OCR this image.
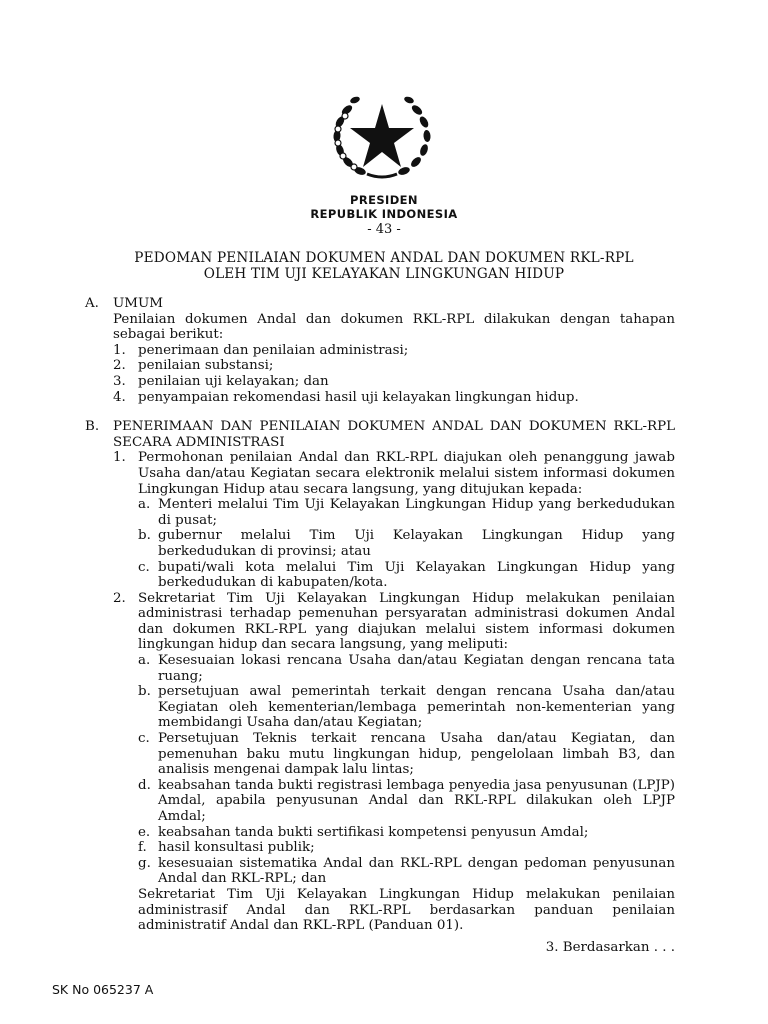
PRESIDEN
REPUBLIK INDONESIA
- 43 -
PEDOMAN PENILAIAN DOKUMEN ANDAL DAN DOKUMEN RKL-RPL
OLEH TIM UJI KELAYAKAN LINGKUNGAN HIDUP
A.	UMUM
Penilaian dokumen Andal dan dokumen RKL-RPL dilakukan dengan tahapan sebagai berikut:
1. penerimaan dan penilaian administrasi;
2. penilaian substansi;
3. penilaian uji kelayakan; dan
4. penyampaian rekomendasi hasil uji kelayakan lingkungan hidup.
B.	PENERIMAAN DAN PENILAIAN DOKUMEN ANDAL DAN DOKUMEN RKL-RPL SECARA ADMINISTRASI
1. Permohonan penilaian Andal dan RKL-RPL diajukan oleh penanggung jawab Usaha dan/atau Kegiatan secara elektronik melalui sistem informasi dokumen Lingkungan Hidup atau secara langsung, yang ditujukan kepada:
a. Menteri melalui Tim Uji Kelayakan Lingkungan Hidup yang berkedudukan di pusat;
b. gubernur melalui Tim Uji Kelayakan Lingkungan Hidup yang berkedudukan di provinsi; atau
c. bupati/wali kota melalui Tim Uji Kelayakan Lingkungan Hidup yang berkedudukan di kabupaten/kota.
2. Sekretariat Tim Uji Kelayakan Lingkungan Hidup melakukan penilaian administrasi terhadap pemenuhan persyaratan administrasi dokumen Andal dan dokumen RKL-RPL yang diajukan melalui sistem informasi dokumen lingkungan hidup dan secara langsung, yang meliputi:
a. Kesesuaian lokasi rencana Usaha dan/atau Kegiatan dengan rencana tata ruang;
b. persetujuan awal pemerintah terkait dengan rencana Usaha dan/atau Kegiatan oleh kementerian/lembaga pemerintah non-kementerian yang membidangi Usaha dan/atau Kegiatan;
c. Persetujuan Teknis terkait rencana Usaha dan/atau Kegiatan, dan pemenuhan baku mutu lingkungan hidup, pengelolaan limbah B3, dan analisis mengenai dampak lalu lintas;
d. keabsahan tanda bukti registrasi lembaga penyedia jasa penyusunan (LPJP) Amdal, apabila penyusunan Andal dan RKL-RPL dilakukan oleh LPJP Amdal;
e. keabsahan tanda bukti sertifikasi kompetensi penyusun Amdal;
f. hasil konsultasi publik;
g. kesesuaian sistematika Andal dan RKL-RPL dengan pedoman penyusunan Andal dan RKL-RPL; dan
Sekretariat Tim Uji Kelayakan Lingkungan Hidup melakukan penilaian administrasif Andal dan RKL-RPL berdasarkan panduan penilaian administratif Andal dan RKL-RPL (Panduan 01).
3. Berdasarkan . . .
SK No 065237 A
